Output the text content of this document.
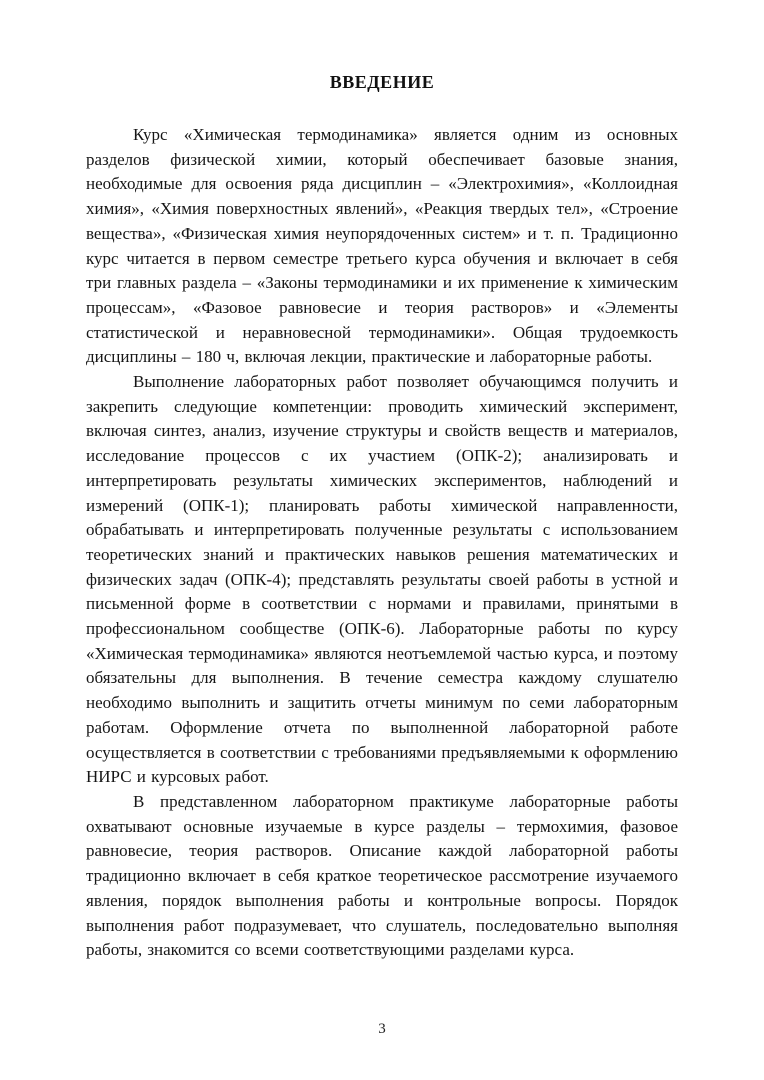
ВВЕДЕНИЕ

Курс «Химическая термодинамика» является одним из основных разделов физической химии, который обеспечивает базовые знания, необходимые для освоения ряда дисциплин – «Электрохимия», «Коллоидная химия», «Химия поверхностных явлений», «Реакция твердых тел», «Строение вещества», «Физическая химия неупорядоченных систем» и т. п. Традиционно курс читается в первом семестре третьего курса обучения и включает в себя три главных раздела – «Законы термодинамики и их применение к химическим процессам», «Фазовое равновесие и теория растворов» и «Элементы статистической и неравновесной термодинамики». Общая трудоемкость дисциплины – 180 ч, включая лекции, практические и лабораторные работы.

Выполнение лабораторных работ позволяет обучающимся получить и закрепить следующие компетенции: проводить химический эксперимент, включая синтез, анализ, изучение структуры и свойств веществ и материалов, исследование процессов с их участием (ОПК-2); анализировать и интерпретировать результаты химических экспериментов, наблюдений и измерений (ОПК-1); планировать работы химической направленности, обрабатывать и интерпретировать полученные результаты с использованием теоретических знаний и практических навыков решения математических и физических задач (ОПК-4); представлять результаты своей работы в устной и письменной форме в соответствии с нормами и правилами, принятыми в профессиональном сообществе (ОПК-6). Лабораторные работы по курсу «Химическая термодинамика» являются неотъемлемой частью курса, и поэтому обязательны для выполнения. В течение семестра каждому слушателю необходимо выполнить и защитить отчеты минимум по семи лабораторным работам. Оформление отчета по выполненной лабораторной работе осуществляется в соответствии с требованиями предъявляемыми к оформлению НИРС и курсовых работ.

В представленном лабораторном практикуме лабораторные работы охватывают основные изучаемые в курсе разделы – термохимия, фазовое равновесие, теория растворов. Описание каждой лабораторной работы традиционно включает в себя краткое теоретическое рассмотрение изучаемого явления, порядок выполнения работы и контрольные вопросы. Порядок выполнения работ подразумевает, что слушатель, последовательно выполняя работы, знакомится со всеми соответствующими разделами курса.

3
